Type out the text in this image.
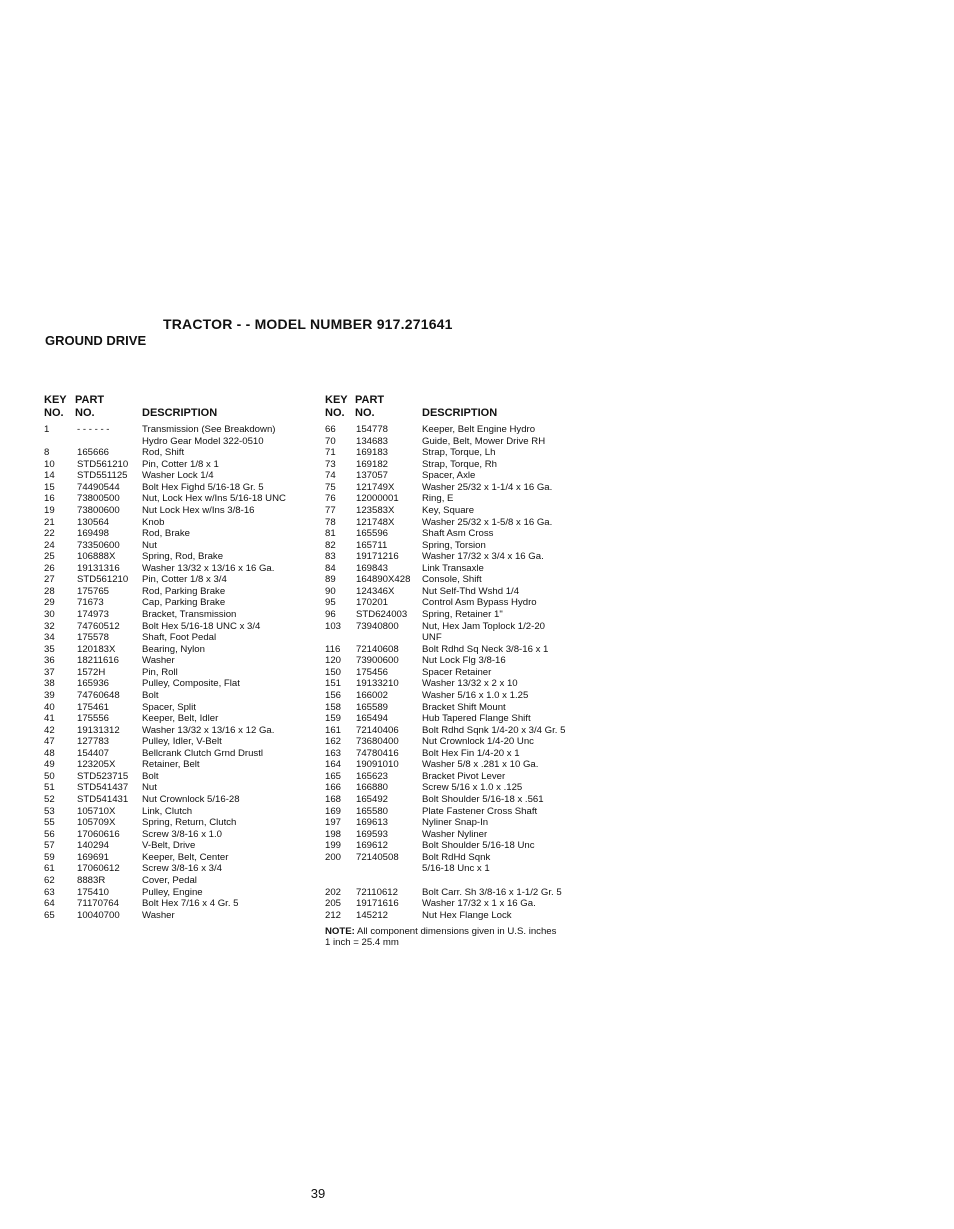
TRACTOR - - MODEL NUMBER 917.271641
GROUND DRIVE
KEY PART
NO. NO.	DESCRIPTION
1	- - - - - -	Transmission (See Breakdown)
Hydro Gear Model 322-0510
8	165666	Rod, Shift
10 STD561210 Pin, Cotter 1/8 x 1
14 STD551125 Washer Lock 1/4
15 74490544 Bolt Hex Fighd 5/16-18 Gr. 5
16 73800500 Nut, Lock Hex w/Ins 5/16-18 UNC
19 73800600 Nut Lock Hex w/Ins 3/8-16
21 130564	Knob
22 169498	Rod, Brake
24 73350600 Nut
25 106888X	Spring, Rod, Brake
26 19131316 Washer 13/32 x 13/16 x 16 Ga.
27 STD561210 Pin, Cotter 1/8 x 3/4
28 175765	Rod, Parking Brake
29 71673	Cap, Parking Brake
30 174973	Bracket, Transmission
32 74760512 Bolt Hex 5/16-18 UNC x 3/4
34 175578	Shaft, Foot Pedal
35 120183X	Bearing, Nylon
36 18211616 Washer
37 1572H	Pin, Roll
38 165936	Pulley, Composite, Flat
39 74760648 Bolt
40 175461	Spacer, Split
41 175556	Keeper, Belt, Idler
42 19131312 Washer 13/32 x 13/16 x 12 Ga.
47 127783	Pulley, Idler, V-Belt
48 154407	Bellcrank Clutch Grnd Drustl
49 123205X	Retainer, Belt
50 STD523715 Bolt
51 STD541437 Nut
52 STD541431 Nut Crownlock 5/16-28
53 105710X	Link, Clutch
55 105709X	Spring, Return, Clutch
56 17060616 Screw 3/8-16 x 1.0
57 140294	V-Belt, Drive
59 169691	Keeper, Belt, Center
61 17060612 Screw 3/8-16 x 3/4
62 8883R	Cover, Pedal
63 175410	Pulley, Engine
64 71170764 Bolt Hex 7/16 x 4 Gr. 5
65 10040700 Washer
KEY PART
NO. NO.	DESCRIPTION
66 154778	Keeper, Belt Engine Hydro
70 134683	Guide, Belt, Mower Drive RH
71 169183	Strap, Torque, Lh
73 169182	Strap, Torque, Rh
74 137057	Spacer, Axle
75 121749X	Washer 25/32 x 1-1/4 x 16 Ga.
76 12000001 Ring, E
77 123583X	Key, Square
78 121748X	Washer 25/32 x 1-5/8 x 16 Ga.
81 165596	Shaft Asm Cross
82 165711	Spring, Torsion
83 19171216 Washer 17/32 x 3/4 x 16 Ga.
84 169843	Link Transaxle
89 164890X428 Console, Shift
90 124346X	Nut Self-Thd Wshd 1/4
95 170201	Control Asm Bypass Hydro
96 STD624003 Spring, Retainer 1"
103 73940800 Nut, Hex Jam Toplock 1/2-20
UNF
116 72140608 Bolt Rdhd Sq Neck 3/8-16 x 1
120 73900600 Nut Lock Flg 3/8-16
150 175456	Spacer Retainer
151 19133210 Washer 13/32 x 2 x 10
156 166002	Washer 5/16 x 1.0 x 1.25
158 165589	Bracket Shift Mount
159 165494	Hub Tapered Flange Shift
161 72140406 Bolt Rdhd Sqnk 1/4-20 x 3/4 Gr. 5
162 73680400 Nut Crownlock 1/4-20 Unc
163 74780416 Bolt Hex Fin 1/4-20 x 1
164 19091010 Washer 5/8 x .281 x 10 Ga.
165 165623	Bracket Pivot Lever
166 166880	Screw 5/16 x 1.0 x .125
168 165492	Bolt Shoulder 5/16-18 x .561
169 165580	Plate Fastener Cross Shaft
197 169613	Nyliner Snap-In
198 169593	Washer Nyliner
199 169612	Bolt Shoulder 5/16-18 Unc
200 72140508 Bolt RdHd Sqnk
5/16-18 Unc x 1
202 72110612	Bolt Carr. Sh 3/8-16 x 1-1/2 Gr. 5
205 19171616 Washer 17/32 x 1 x 16 Ga.
212 145212	Nut Hex Flange Lock
NOTE: All component dimensions given in U.S. inches
1 inch = 25.4 mm
39
